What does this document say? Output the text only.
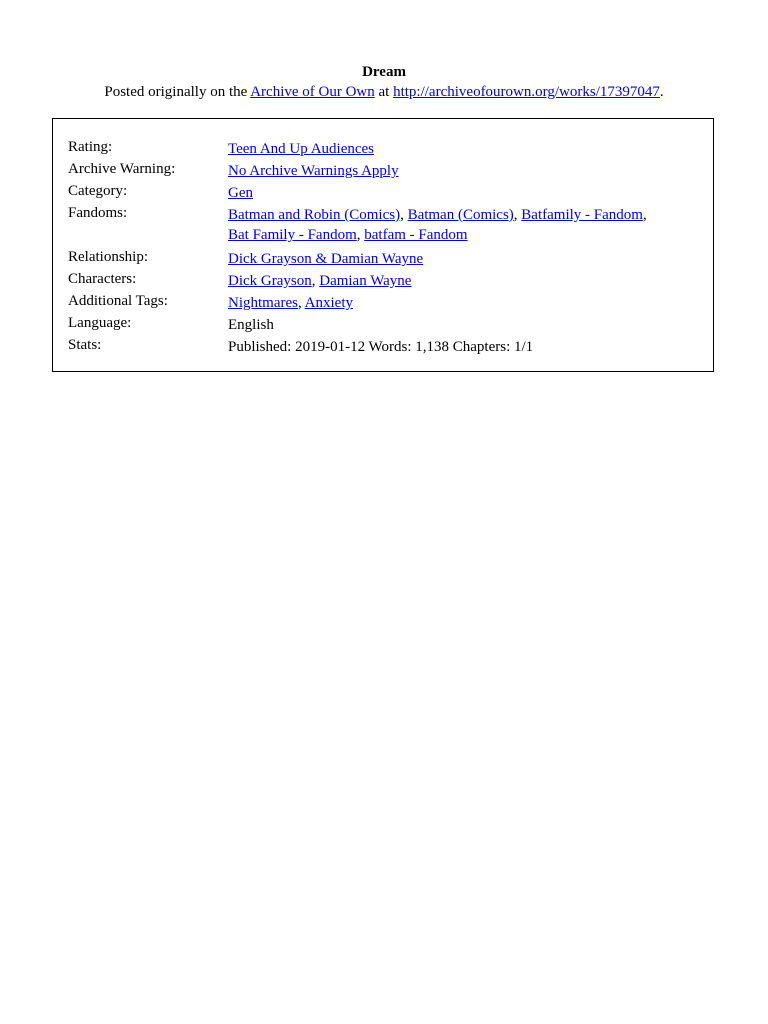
Dream
Posted originally on the Archive of Our Own at http://archiveofourown.org/works/17397047.
Rating:	Teen And Up Audiences
Archive Warning:	No Archive Warnings Apply
Category:	Gen
Fandoms:	Batman and Robin (Comics), Batman (Comics), Batfamily - Fandom,
Bat Family - Fandom, batfam - Fandom
Relationship:	Dick Grayson & Damian Wayne
Characters:	Dick Grayson, Damian Wayne
Additional Tags:	Nightmares, Anxiety
Language:	English
Stats:	Published: 2019-01-12 Words: 1,138 Chapters: 1/1
